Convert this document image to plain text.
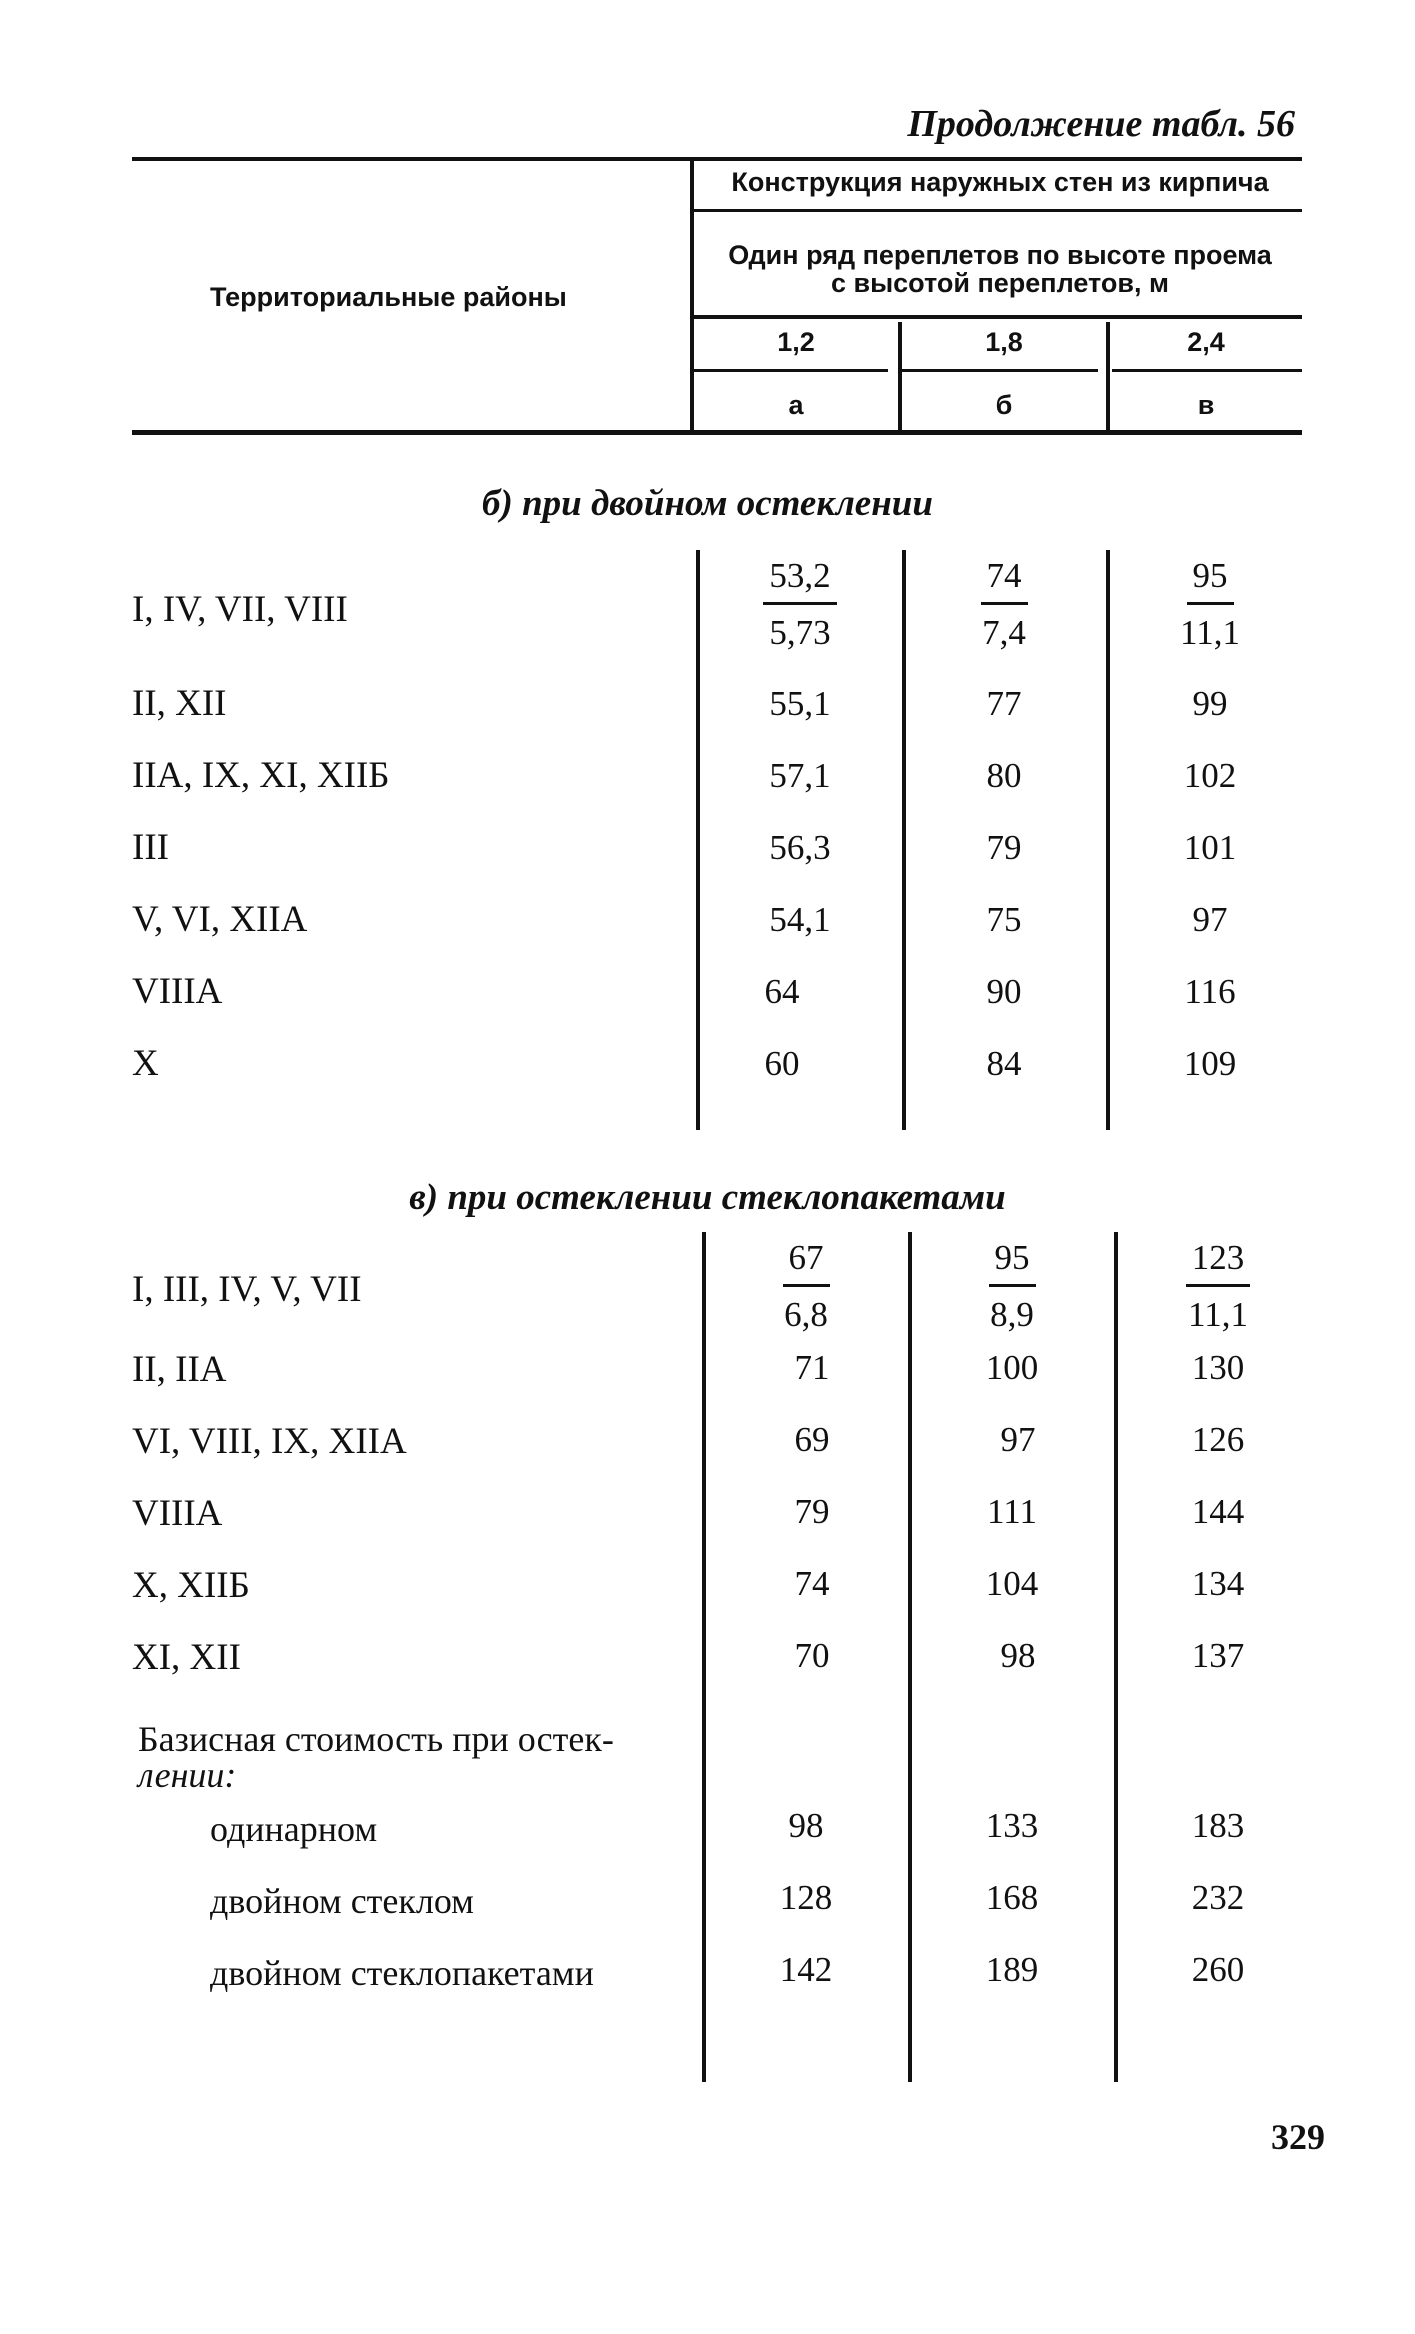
Продолжение табл. 56
Территориальные районы
Конструкция наружных стен из кирпича
Один ряд переплетов по высоте проема
с высотой переплетов, м
1,2	1,8	2,4
а	б	в
б) при двойном остеклении
I, IV, VII, VIII	$\frac{53,2}{5,73} \frac{74}{7,4} \frac{95}{11,1}$
II, XII	55,1	77	99
IIА, IX, XI, XIIБ	57,1	80	102
III	56,3	79	101
V, VI, XIIА	54,1	75	97
VIIIА	64	90	116
X	60	84	109
в) при остеклении стеклопакетами
I, III, IV, V, VII	$\frac{67}{6,8} \frac{95}{8,9} \frac{123}{11,1}$
II, IIА	71	100	130
VI, VIII, IX, XIIА	69	97	126
VIIIА	79	111	144
X, XIIБ	74	104	134
XI, XII	70	98	137
Базисная стоимость при остек-
лении:
одинарном	98	133	183
двойном стеклом	128	168	232
двойном стеклопакетами	142	189	260
329
